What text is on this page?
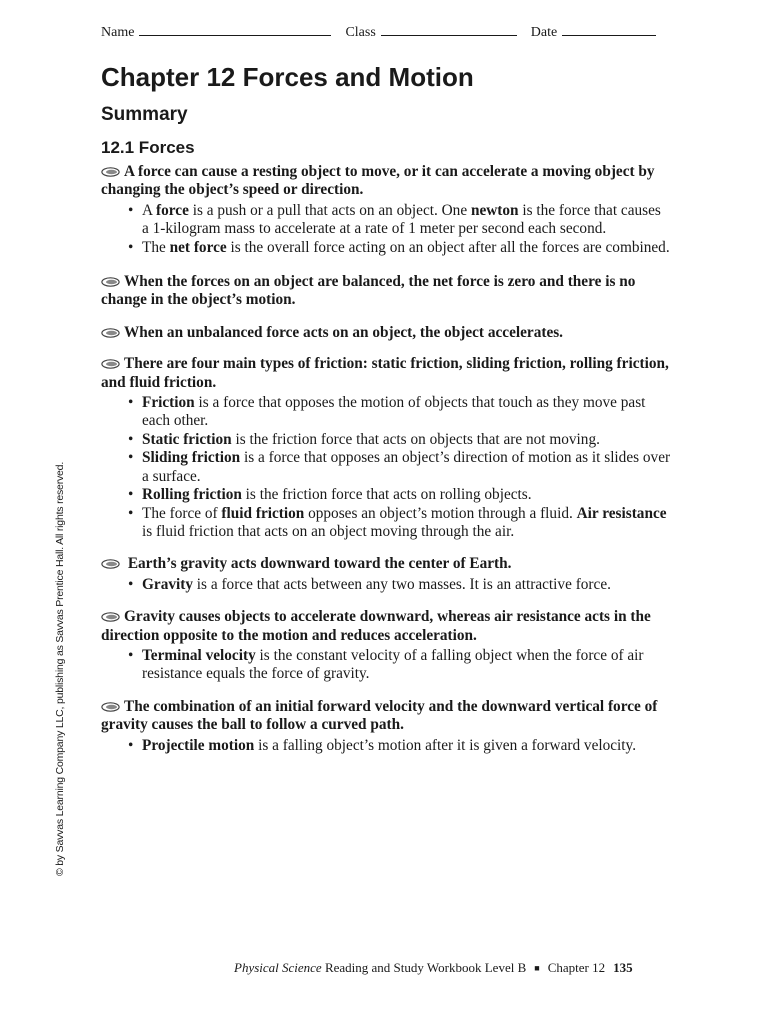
Name	Class	Date
Chapter 12 Forces and Motion
Summary
12.1 Forces

A force can cause a resting object to move, or it can accelerate a moving object by changing the object’s speed or direction.

• A force is a push or a pull that acts on an object. One newton is the force that causes a 1-kilogram mass to accelerate at a rate of 1 meter per second each second.
• The net force is the overall force acting on an object after all the forces are combined.

When the forces on an object are balanced, the net force is zero and there is no change in the object’s motion.

When an unbalanced force acts on an object, the object accelerates.

There are four main types of friction: static friction, sliding friction, rolling friction, and fluid friction.

• Friction is a force that opposes the motion of objects that touch as they move past each other.
• Static friction is the friction force that acts on objects that are not moving.
• Sliding friction is a force that opposes an object’s direction of motion as it slides over a surface.
• Rolling friction is the friction force that acts on rolling objects.
• The force of fluid friction opposes an object’s motion through a fluid. Air resistance is fluid friction that acts on an object moving through the air.

Earth’s gravity acts downward toward the center of Earth.

• Gravity is a force that acts between any two masses. It is an attractive force.

Gravity causes objects to accelerate downward, whereas air resistance acts in the direction opposite to the motion and reduces acceleration.

• Terminal velocity is the constant velocity of a falling object when the force of air resistance equals the force of gravity.

The combination of an initial forward velocity and the downward vertical force of gravity causes the ball to follow a curved path.

• Projectile motion is a falling object’s motion after it is given a forward velocity.
© by Savvas Learning Company LLC, publishing as Savvas Prentice Hall. All rights reserved.
Physical Science Reading and Study Workbook Level B ■ Chapter 12 135
